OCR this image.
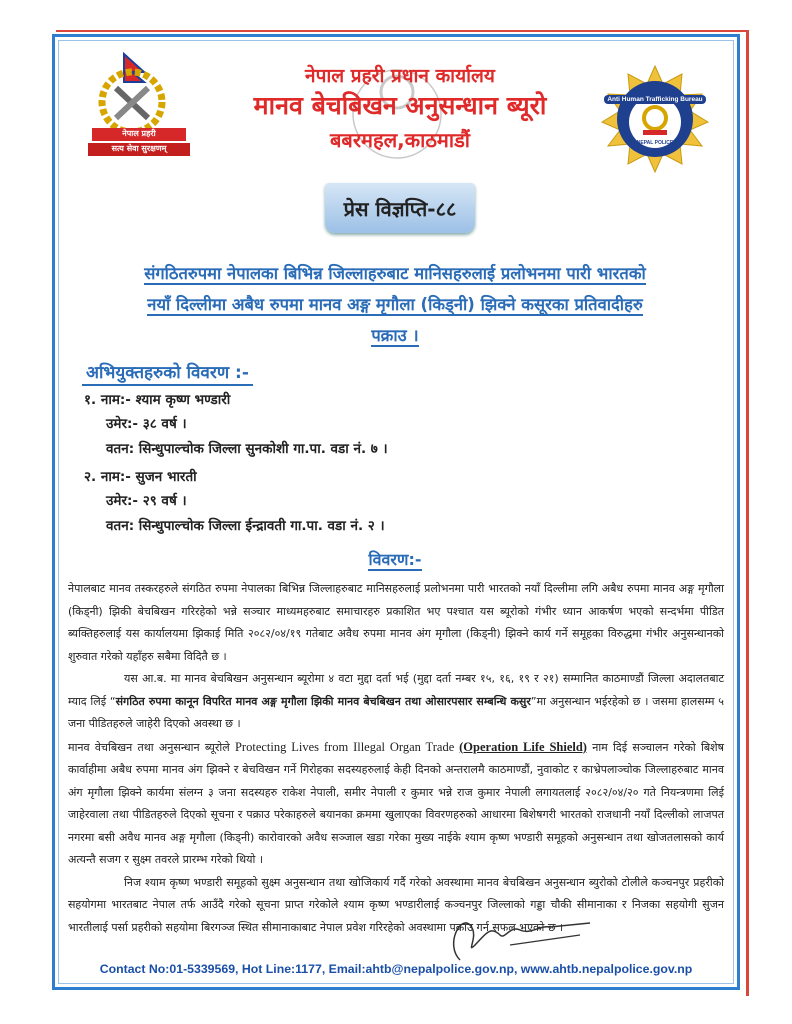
नेपाल प्रहरी
सत्य सेवा सुरक्षणम्
नेपाल प्रहरी प्रधान कार्यालय
मानव बेचबिखन अनुसन्धान ब्यूरो
बबरमहल,काठमाडौं
Anti Human Trafficking Bureau
NEPAL POLICE
प्रेस विज्ञप्ति-८८
संगठितरुपमा नेपालका बिभिन्न जिल्लाहरुबाट मानिसहरुलाई प्रलोभनमा पारी भारतको
नयाँ दिल्लीमा अबैध रुपमा मानव अङ्ग मृगौला (किड्नी) झिक्ने कसूरका प्रतिवादीहरु
पक्राउ ।
अभियुक्तहरुको विवरण :-
१. नाम:- श्याम कृष्ण भण्डारी
उमेर:- ३८ वर्ष ।
वतन: सिन्धुपाल्चोक जिल्ला सुनकोशी गा.पा. वडा नं. ७ ।
२. नाम:- सुजन भारती
उमेर:- २९ वर्ष ।
वतन: सिन्धुपाल्चोक जिल्ला ईन्द्रावती गा.पा. वडा नं. २ ।
विवरण:-

नेपालबाट मानव तस्करहरुले संगठित रुपमा नेपालका बिभिन्न जिल्लाहरुबाट मानिसहरुलाई प्रलोभनमा पारी भारतको नयाँ दिल्लीमा लगि अबैध रुपमा मानव अङ्ग मृगौला (किड्नी) झिकी बेचबिखन गरिरहेको भन्ने सञ्चार माध्यमहरुबाट समाचारहरु प्रकाशित भए पश्चात यस ब्यूरोको गंभीर ध्यान आकर्षण भएको सन्दर्भमा पीडित ब्यक्तिहरुलाई यस कार्यालयमा झिकाई मिति २०८२/०४/१९ गतेबाट अवैध रुपमा मानव अंग मृगौला (किड्नी) झिक्ने कार्य गर्ने समूहका विरुद्धमा गंभीर अनुसन्धानको शुरुवात गरेको यहाँहरु सबैमा विदितै छ ।

यस आ.ब. मा मानव बेचबिखन अनुसन्धान ब्यूरोमा ४ वटा मुद्दा दर्ता भई (मुद्दा दर्ता नम्बर १५, १६, १९ र २१) सम्मानित काठमाण्डौं जिल्ला अदालतबाट म्याद लिई “संगठित रुपमा कानून विपरित मानव अङ्ग मृगौला झिकी मानव बेचबिखन तथा ओसारपसार सम्बन्धि कसुर”मा अनुसन्धान भईरहेको छ । जसमा हालसम्म ५ जना पीडितहरुले जाहेरी दिएको अवस्था छ ।

मानव वेचबिखन तथा अनुसन्धान ब्यूरोले Protecting Lives from Illegal Organ Trade (Operation Life Shield) नाम दिई सञ्चालन गरेको बिशेष कार्वाहीमा अबैध रुपमा मानव अंग झिक्ने र बेचविखन गर्ने गिरोहका सदस्यहरुलाई केही दिनको अन्तरालमै काठमाण्डौं, नुवाकोट र काभ्रेपलाञ्चोक जिल्लाहरुबाट मानव अंग मृगौला झिक्ने कार्यमा संलग्न ३ जना सदस्यहरु राकेश नेपाली, समीर नेपाली र कुमार भन्ने राज कुमार नेपाली लगायतलाई २०८२/०४/२० गते नियन्त्रणमा लिई जाहेरवाला तथा पीडितहरुले दिएको सूचना र पक्राउ परेकाहरुले बयानका क्रममा खुलाएका विवरणहरुको आधारमा बिशेषगरी भारतको राजधानी नयाँ दिल्लीको लाजपत नगरमा बसी अवैध मानव अङ्ग मृगौला (किड्नी) कारोवारको अवैध सञ्जाल खडा गरेका मुख्य नाईके श्याम कृष्ण भण्डारी समूहको अनुसन्धान तथा खोजतलासको कार्य अत्यन्तै सजग र सुक्ष्म तवरले प्रारम्भ गरेको थियो ।

निज श्याम कृष्ण भण्डारी समूहको सुक्ष्म अनुसन्धान तथा खोजिकार्य गर्दै गरेको अवस्थामा मानव बेचबिखन अनुसन्धान ब्युरोको टोलीले कञ्चनपुर प्रहरीको सहयोगमा भारतबाट नेपाल तर्फ आउँदै गरेको सूचना प्राप्त गरेकोले श्याम कृष्ण भण्डारीलाई कञ्चनपुर जिल्लाको गड्डा चौकी सीमानाका र निजका सहयोगी सुजन भारतीलाई पर्सा प्रहरीको सहयोमा बिरगञ्ज स्थित सीमानाकाबाट नेपाल प्रवेश गरिरहेको अवस्थामा पक्राउ गर्न सफल भएको छ ।

Contact No:01-5339569, Hot Line:1177, Email:ahtb@nepalpolice.gov.np, www.ahtb.nepalpolice.gov.np
